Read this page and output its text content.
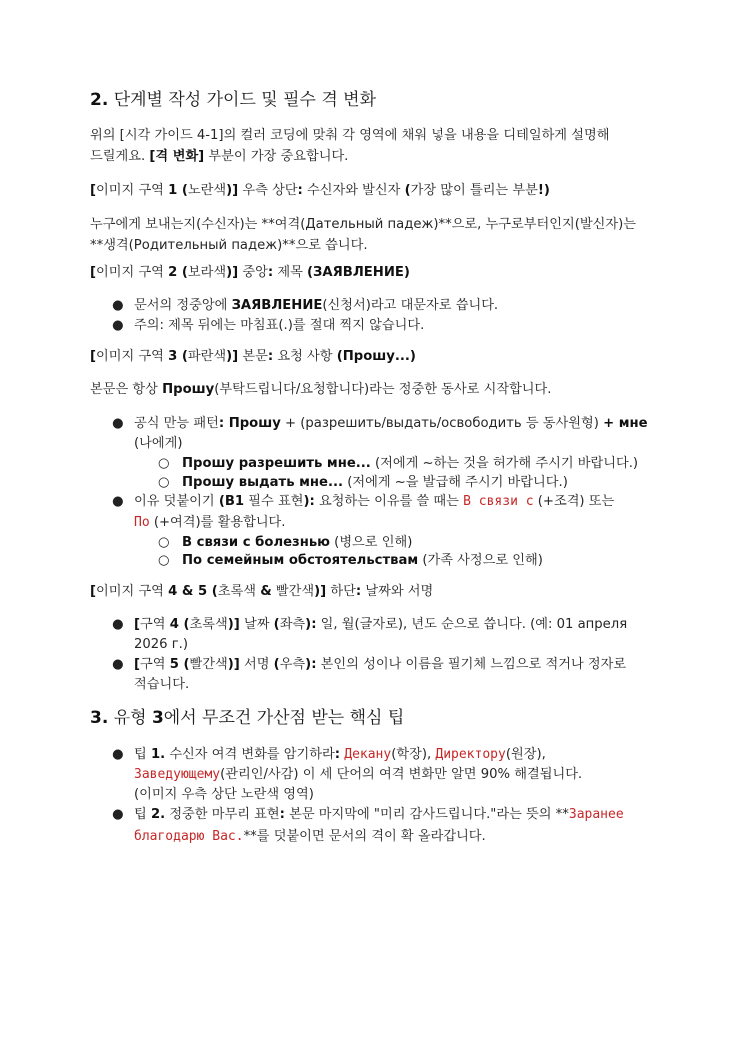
2. 단계별 작성 가이드 및 필수 격 변화
위의 [시각 가이드 4-1]의 컬러 코딩에 맞춰 각 영역에 채워 넣을 내용을 디테일하게 설명해
드릴게요. [격 변화] 부분이 가장 중요합니다.
[이미지 구역 1 (노란색)] 우측 상단: 수신자와 발신자 (가장 많이 틀리는 부분!)
누구에게 보내는지(수신자)는 **여격(Дательный падеж)**으로, 누구로부터인지(발신자)는
**생격(Родительный падеж)**으로 씁니다.
[이미지 구역 2 (보라색)] 중앙: 제목 (ЗАЯВЛЕНИЕ)
● 문서의 정중앙에 ЗАЯВЛЕНИЕ(신청서)라고 대문자로 씁니다.
● 주의: 제목 뒤에는 마침표(.)를 절대 찍지 않습니다.
[이미지 구역 3 (파란색)] 본문: 요청 사항 (Прошу...)
본문은 항상 Прошу(부탁드립니다/요청합니다)라는 정중한 동사로 시작합니다.
● 공식 만능 패턴: Прошу + (разрешить/выдать/освободить 등 동사원형) + мне
(나에게)
○ Прошу разрешить мне... (저에게 ~하는 것을 허가해 주시기 바랍니다.)
○ Прошу выдать мне... (저에게 ~을 발급해 주시기 바랍니다.)
● 이유 덧붙이기 (B1 필수 표현): 요청하는 이유를 쓸 때는 В связи с (+조격) 또는
По (+여격)를 활용합니다.
○ В связи с болезнью (병으로 인해)
○ По семейным обстоятельствам (가족 사정으로 인해)
[이미지 구역 4 & 5 (초록색 & 빨간색)] 하단: 날짜와 서명
● [구역 4 (초록색)] 날짜 (좌측): 일, 월(글자로), 년도 순으로 씁니다. (예: 01 апреля
2026 г.)
● [구역 5 (빨간색)] 서명 (우측): 본인의 성이나 이름을 필기체 느낌으로 적거나 정자로
적습니다.
3. 유형 3에서 무조건 가산점 받는 핵심 팁
● 팁 1. 수신자 여격 변화를 암기하라: Декану(학장), Директору(원장),
Заведующему(관리인/사감) 이 세 단어의 여격 변화만 알면 90% 해결됩니다.
(이미지 우측 상단 노란색 영역)
● 팁 2. 정중한 마무리 표현: 본문 마지막에 "미리 감사드립니다."라는 뜻의 **Заранее
благодарю Вас.**를 덧붙이면 문서의 격이 확 올라갑니다.
